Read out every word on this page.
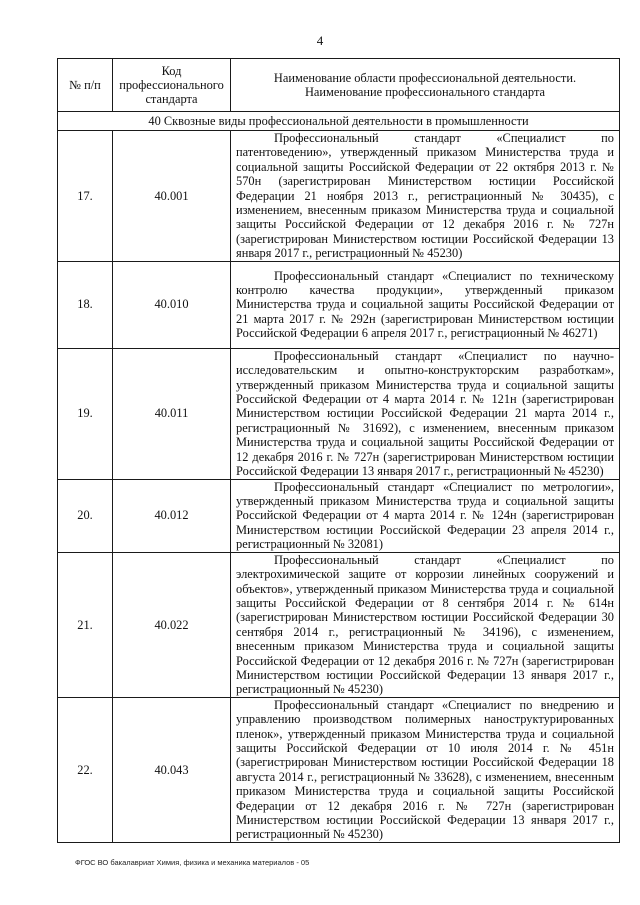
4
№ п/п	Код профессионального стандарта	Наименование области профессиональной деятельности.
Наименование профессионального стандарта
40 Сквозные виды профессиональной деятельности в промышленности		
17.	40.001	Профессиональный стандарт «Специалист по патентоведению», утвержденный приказом Министерства труда и социальной защиты Российской Федерации от 22 октября 2013 г. № 570н (зарегистрирован Министерством юстиции Российской Федерации 21 ноября 2013 г., регистрационный № 30435), с изменением, внесенным приказом Министерства труда и социальной защиты Российской Федерации от 12 декабря 2016 г. № 727н (зарегистрирован Министерством юстиции Российской Федерации 13 января 2017 г., регистрационный № 45230)

18.	40.010	Профессиональный стандарт «Специалист по техническому контролю качества продукции», утвержденный приказом Министерства труда и социальной защиты Российской Федерации от 21 марта 2017 г. № 292н (зарегистрирован Министерством юстиции Российской Федерации 6 апреля 2017 г., регистрационный № 46271)

19.	40.011	Профессиональный стандарт «Специалист по научно-исследовательским и опытно-конструкторским разработкам», утвержденный приказом Министерства труда и социальной защиты Российской Федерации от 4 марта 2014 г. № 121н (зарегистрирован Министерством юстиции Российской Федерации 21 марта 2014 г., регистрационный № 31692), с изменением, внесенным приказом Министерства труда и социальной защиты Российской Федерации от 12 декабря 2016 г. № 727н (зарегистрирован Министерством юстиции Российской Федерации 13 января 2017 г., регистрационный № 45230)

20.	40.012	Профессиональный стандарт «Специалист по метрологии», утвержденный приказом Министерства труда и социальной защиты Российской Федерации от 4 марта 2014 г. № 124н (зарегистрирован Министерством юстиции Российской Федерации 23 апреля 2014 г., регистрационный № 32081)

21.	40.022	Профессиональный стандарт «Специалист по электрохимической защите от коррозии линейных сооружений и объектов», утвержденный приказом Министерства труда и социальной защиты Российской Федерации от 8 сентября 2014 г. № 614н (зарегистрирован Министерством юстиции Российской Федерации 30 сентября 2014 г., регистрационный № 34196), с изменением, внесенным приказом Министерства труда и социальной защиты Российской Федерации от 12 декабря 2016 г. № 727н (зарегистрирован Министерством юстиции Российской Федерации 13 января 2017 г., регистрационный № 45230)

22.	40.043	Профессиональный стандарт «Специалист по внедрению и управлению производством полимерных наноструктурированных пленок», утвержденный приказом Министерства труда и социальной защиты Российской Федерации от 10 июля 2014 г. № 451н (зарегистрирован Министерством юстиции Российской Федерации 18 августа 2014 г., регистрационный № 33628), с изменением, внесенным приказом Министерства труда и социальной защиты Российской Федерации от 12 декабря 2016 г. № 727н (зарегистрирован Министерством юстиции Российской Федерации 13 января 2017 г., регистрационный № 45230)

ФГОС ВО бакалавриат Химия, физика и механика материалов - 05
